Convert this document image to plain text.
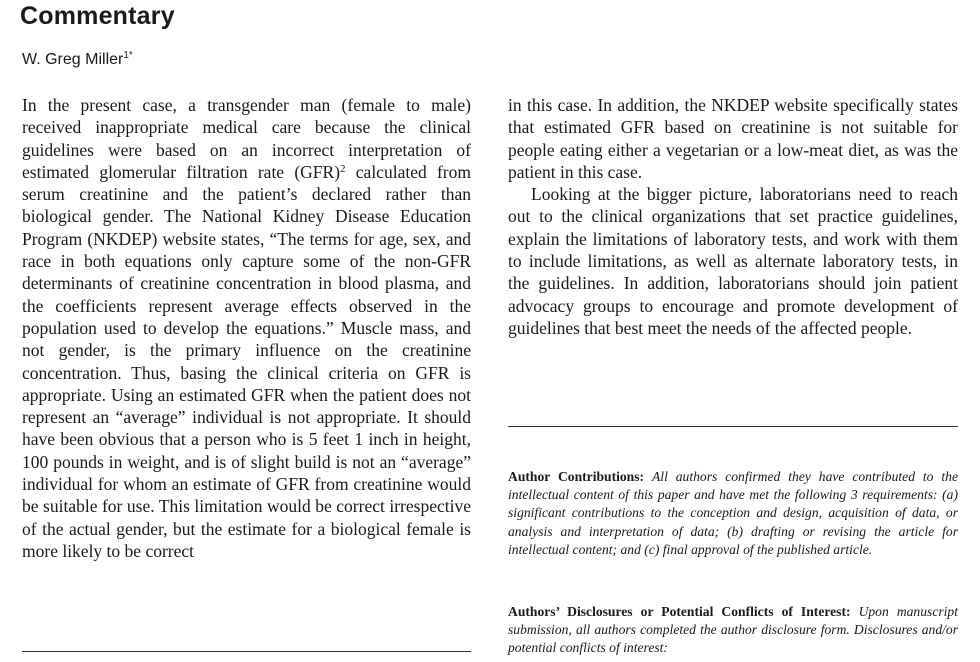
Commentary

W. Greg Miller$^{1*}$

In the present case, a transgender man (female to male) received inappropriate medical care because the clinical guidelines were based on an incorrect interpretation of estimated glomerular filtration rate (GFR)$^2$ calculated from serum creatinine and the patient’s declared rather than biological gender. The National Kidney Disease Education Program (NKDEP) website states, “The terms for age, sex, and race in both equations only capture some of the non-GFR determinants of creatinine concentration in blood plasma, and the coefficients represent average effects observed in the population used to develop the equations.” Muscle mass, and not gender, is the primary influence on the creatinine concentration. Thus, basing the clinical criteria on GFR is appropriate. Using an estimated GFR when the patient does not represent an “average” individual is not appropriate. It should have been obvious that a person who is 5 feet 1 inch in height, 100 pounds in weight, and is of slight build is not an “average” individual for whom an estimate of GFR from creatinine would be suitable for use. This limitation would be correct irrespective of the actual gender, but the estimate for a biological female is more likely to be correct

in this case. In addition, the NKDEP website specifically states that estimated GFR based on creatinine is not suitable for people eating either a vegetarian or a low-meat diet, as was the patient in this case.

Looking at the bigger picture, laboratorians need to reach out to the clinical organizations that set practice guidelines, explain the limitations of laboratory tests, and work with them to include limitations, as well as alternate laboratory tests, in the guidelines. In addition, laboratorians should join patient advocacy groups to encourage and promote development of guidelines that best meet the needs of the affected people.

Author Contributions: All authors confirmed they have contributed to the intellectual content of this paper and have met the following 3 requirements: (a) significant contributions to the conception and design, acquisition of data, or analysis and interpretation of data; (b) drafting or revising the article for intellectual content; and (c) final approval of the published article.

Authors’ Disclosures or Potential Conflicts of Interest: Upon manuscript submission, all authors completed the author disclosure form. Disclosures and/or potential conflicts of interest:
